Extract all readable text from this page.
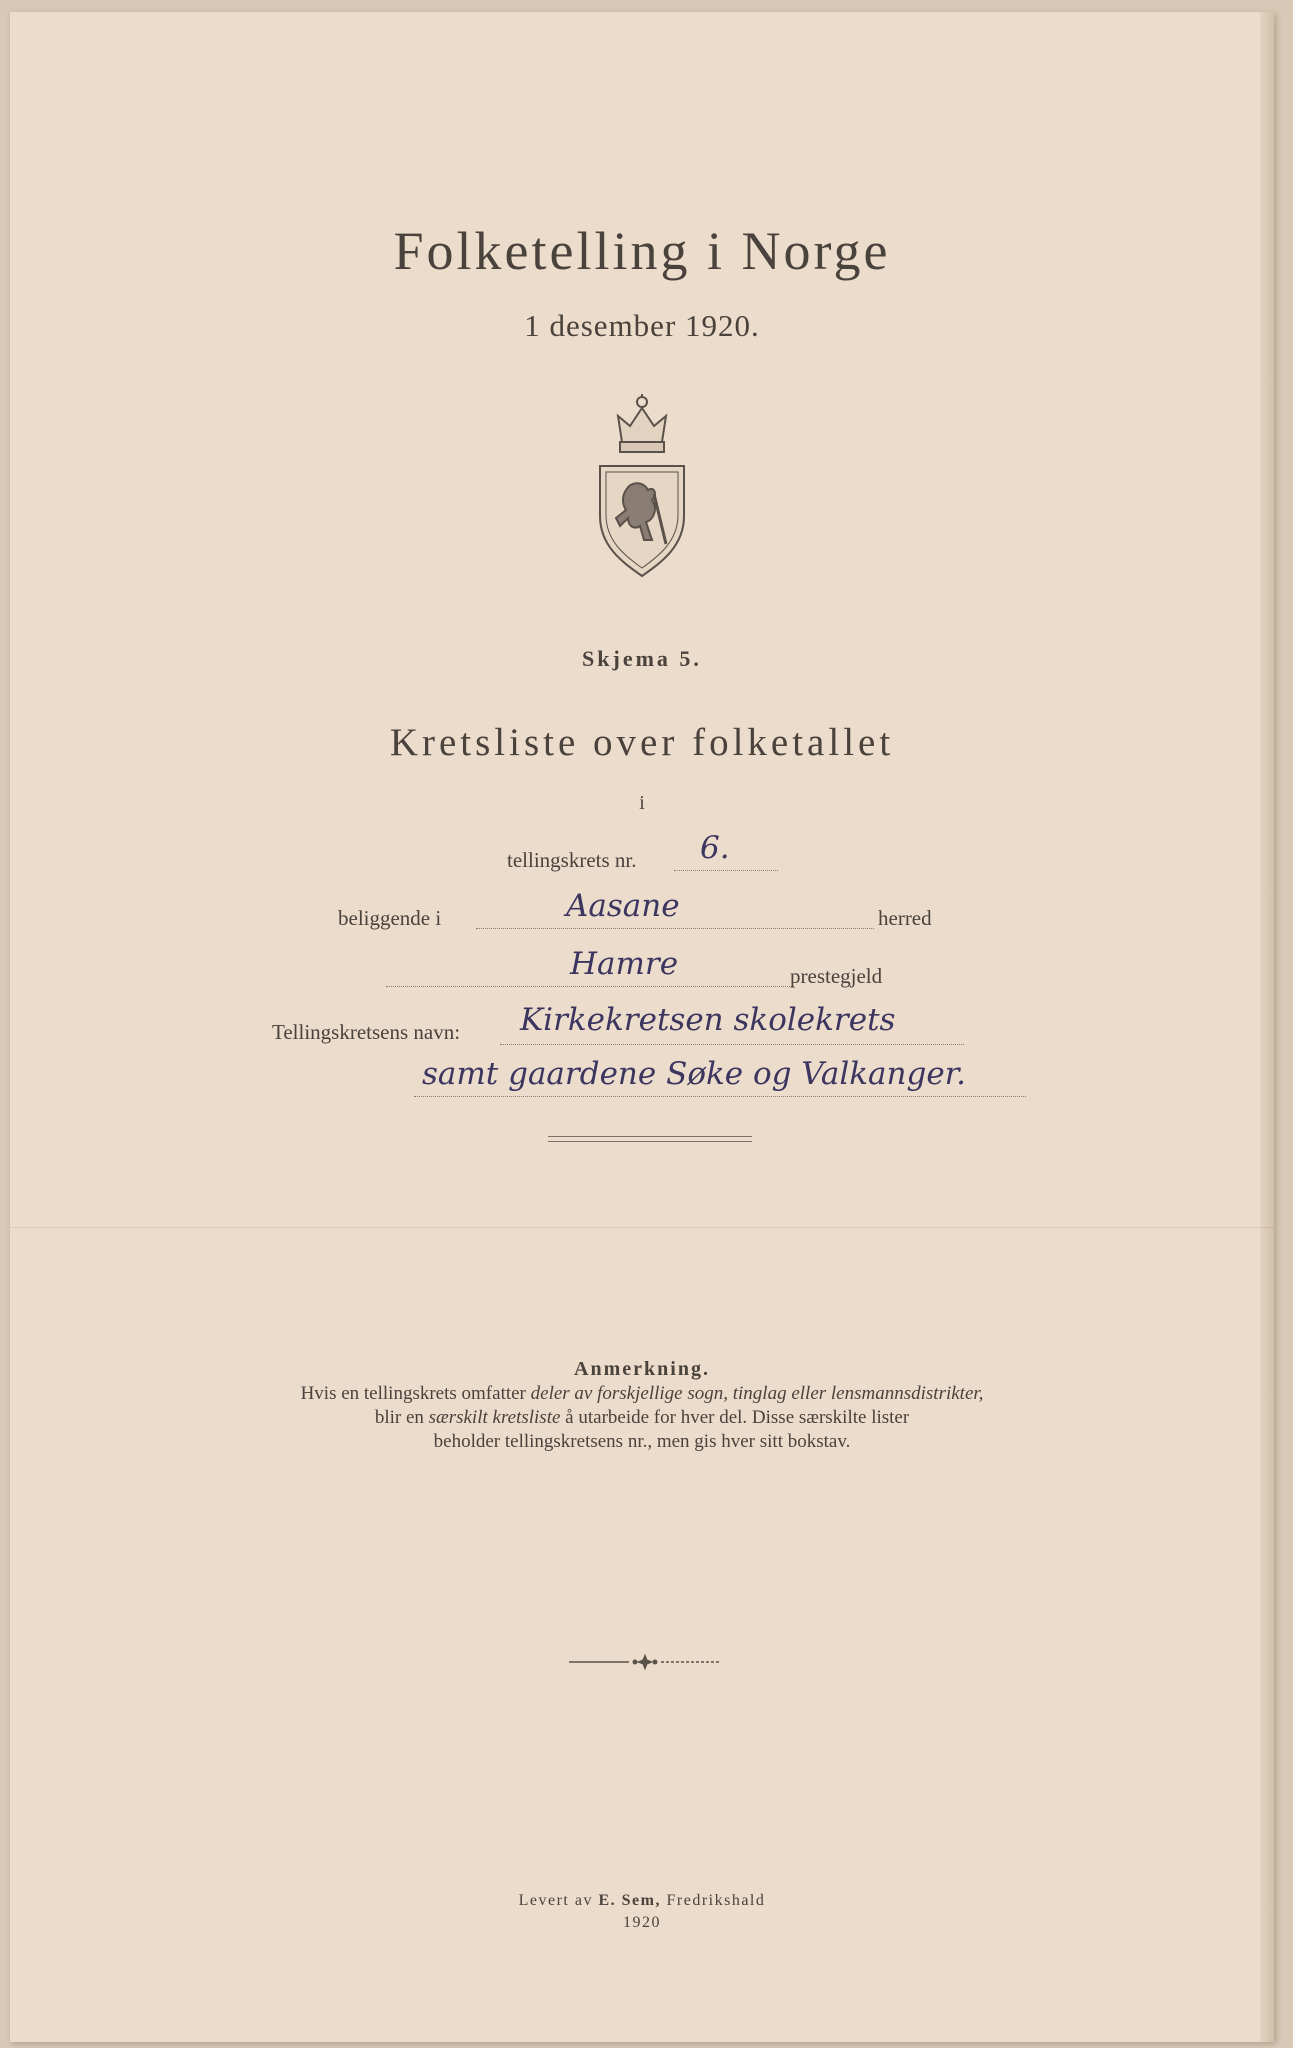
Folketelling i Norge
1 desember 1920.
Skjema 5.
Kretsliste over folketallet
i
tellingskrets nr. 6.
beliggende i	Aasane	herred
Hamre	prestegjeld
Tellingskretsens navn: Kirkekretsen skolekrets
samt gaardene Søke og Valkanger.
Anmerkning.
Hvis en tellingskrets omfatter deler av forskjellige sogn, tinglag eller lensmannsdistrikter,
blir en særskilt kretsliste å utarbeide for hver del. Disse særskilte lister
beholder tellingskretsens nr., men gis hver sitt bokstav.
Levert av E. Sem, Fredrikshald
1920
